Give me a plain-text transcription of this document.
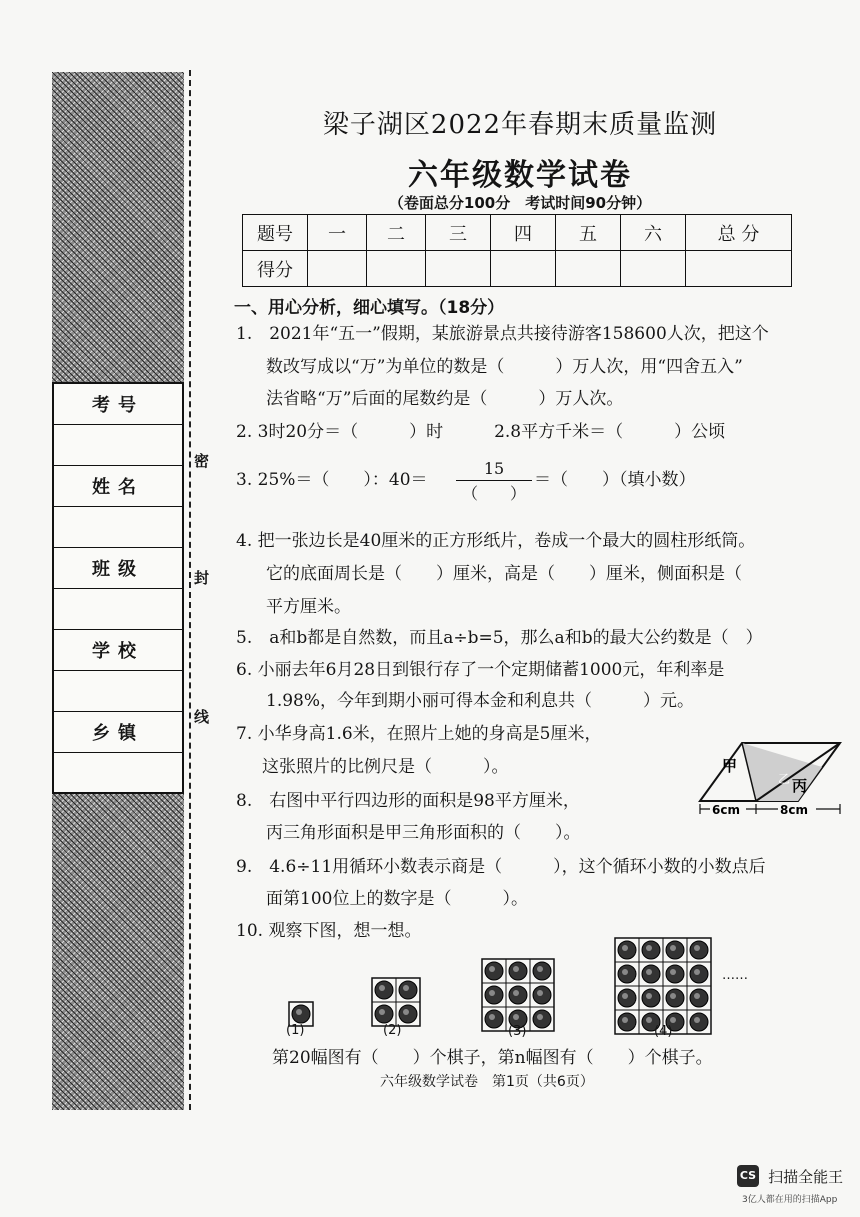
考号
姓名
班级
学校
乡镇
密
封
线
梁子湖区2022年春期末质量监测
六年级数学试卷
（卷面总分100分　考试时间90分钟）
题号	一	二	三	四	五	六	总 分
得分							
一、用心分析，细心填写。（18分）
1.　2021年“五一”假期，某旅游景点共接待游客158600人次，把这个
数改写成以“万”为单位的数是（　　　）万人次，用“四舍五入”
法省略“万”后面的尾数约是（　　　）万人次。
2. 3时20分＝（　　　）时　　　2.8平方千米＝（　　　）公顷
3. 25%＝（　　）：40＝
15
（　　）
＝（　　）（填小数）
4. 把一张边长是40厘米的正方形纸片，卷成一个最大的圆柱形纸筒。
它的底面周长是（　　）厘米，高是（　　）厘米，侧面积是（
平方厘米。
5.　a和b都是自然数，而且a÷b=5，那么a和b的最大公约数是（　）
6. 小丽去年6月28日到银行存了一个定期储蓄1000元，年利率是
1.98%，今年到期小丽可得本金和利息共（　　　）元。
7. 小华身高1.6米，在照片上她的身高是5厘米，
这张照片的比例尺是（　　　）。
8.　右图中平行四边形的面积是98平方厘米，
丙三角形面积是甲三角形面积的（　　）。
9.　4.6÷11用循环小数表示商是（　　　），这个循环小数的小数点后
面第100位上的数字是（　　　）。
10. 观察下图，想一想。
甲
乙 丙
6cm	8cm
(1)	(2)	(3)	(4)
……
第20幅图有（　　）个棋子，第n幅图有（　　）个棋子。
六年级数学试卷　第1页（共6页）
CS 扫描全能王
3亿人都在用的扫描App
